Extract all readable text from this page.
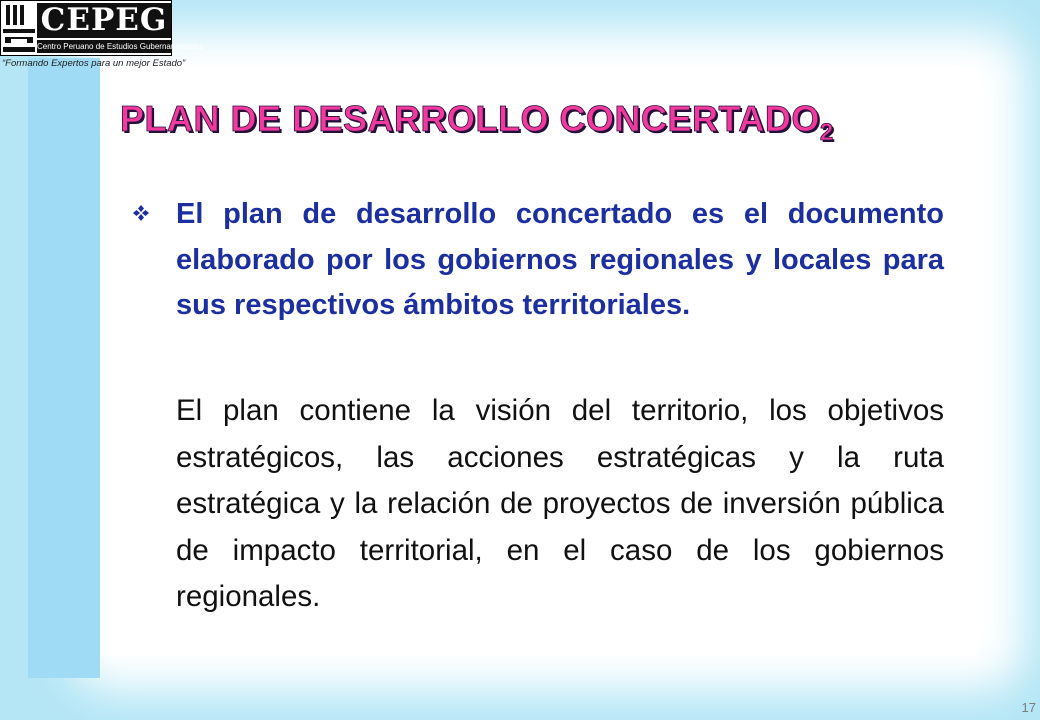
CEPEG
Centro Peruano de Estudios Gubernamentales
“Formando Expertos para un mejor Estado”
PLAN DE DESARROLLO $CONCERTADO_2$

El plan de desarrollo concertado es el documento elaborado por los gobiernos regionales y locales para sus respectivos ámbitos territoriales.

El plan contiene la visión del territorio, los objetivos estratégicos, las acciones estratégicas y la ruta estratégica y la relación de proyectos de inversión pública de impacto territorial, en el caso de los gobiernos regionales.

17
